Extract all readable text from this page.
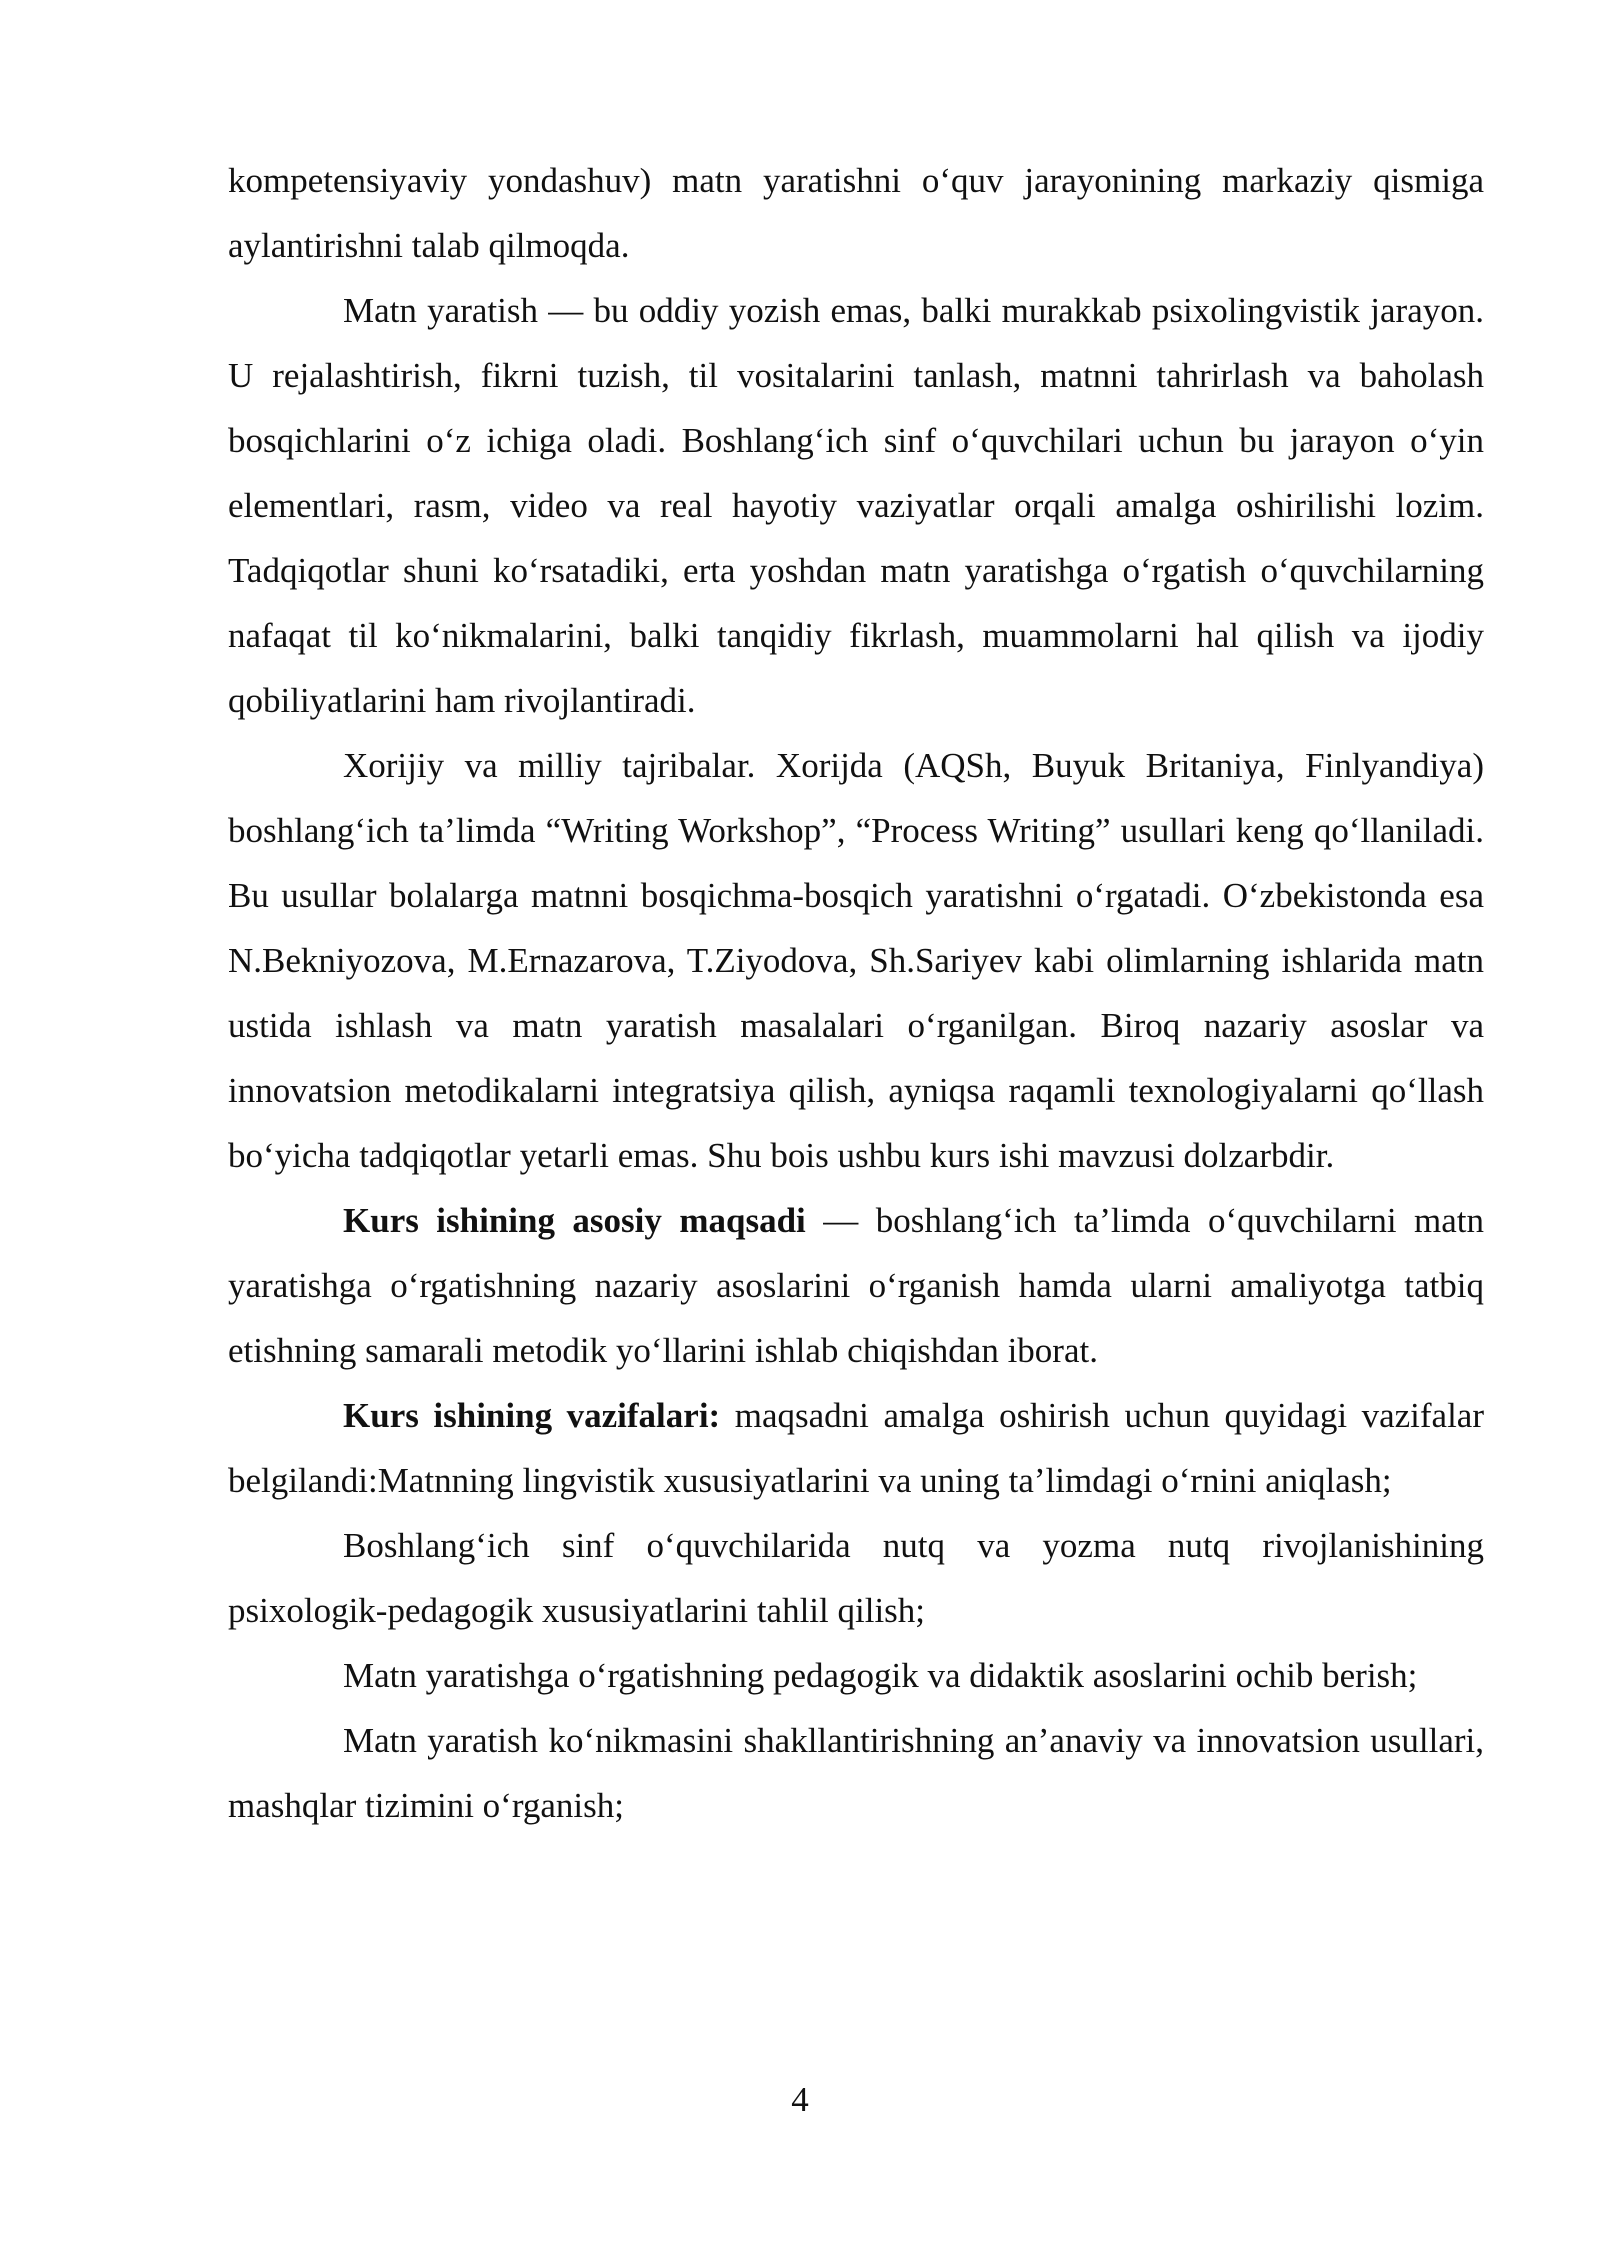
kompetensiyaviy yondashuv) matn yaratishni o‘quv jarayonining markaziy qismiga aylantirishni talab qilmoqda.

Matn yaratish — bu oddiy yozish emas, balki murakkab psixolingvistik jarayon. U rejalashtirish, fikrni tuzish, til vositalarini tanlash, matnni tahrirlash va baholash bosqichlarini o‘z ichiga oladi. Boshlang‘ich sinf o‘quvchilari uchun bu jarayon o‘yin elementlari, rasm, video va real hayotiy vaziyatlar orqali amalga oshirilishi lozim. Tadqiqotlar shuni ko‘rsatadiki, erta yoshdan matn yaratishga o‘rgatish o‘quvchilarning nafaqat til ko‘nikmalarini, balki tanqidiy fikrlash, muammolarni hal qilish va ijodiy qobiliyatlarini ham rivojlantiradi.

Xorijiy va milliy tajribalar. Xorijda (AQSh, Buyuk Britaniya, Finlyandiya) boshlang‘ich ta’limda “Writing Workshop”, “Process Writing” usullari keng qo‘llaniladi. Bu usullar bolalarga matnni bosqichma-bosqich yaratishni o‘rgatadi. O‘zbekistonda esa N.Bekniyozova, M.Ernazarova, T.Ziyodova, Sh.Sariyev kabi olimlarning ishlarida matn ustida ishlash va matn yaratish masalalari o‘rganilgan. Biroq nazariy asoslar va innovatsion metodikalarni integratsiya qilish, ayniqsa raqamli texnologiyalarni qo‘llash bo‘yicha tadqiqotlar yetarli emas. Shu bois ushbu kurs ishi mavzusi dolzarbdir.

Kurs ishining asosiy maqsadi — boshlang‘ich ta’limda o‘quvchilarni matn yaratishga o‘rgatishning nazariy asoslarini o‘rganish hamda ularni amaliyotga tatbiq etishning samarali metodik yo‘llarini ishlab chiqishdan iborat.

Kurs ishining vazifalari: maqsadni amalga oshirish uchun quyidagi vazifalar belgilandi:Matnning lingvistik xususiyatlarini va uning ta’limdagi o‘rnini aniqlash;

Boshlang‘ich sinf o‘quvchilarida nutq va yozma nutq rivojlanishining psixologik-pedagogik xususiyatlarini tahlil qilish;

Matn yaratishga o‘rgatishning pedagogik va didaktik asoslarini ochib berish;

Matn yaratish ko‘nikmasini shakllantirishning an’anaviy va innovatsion usullari, mashqlar tizimini o‘rganish;

4
